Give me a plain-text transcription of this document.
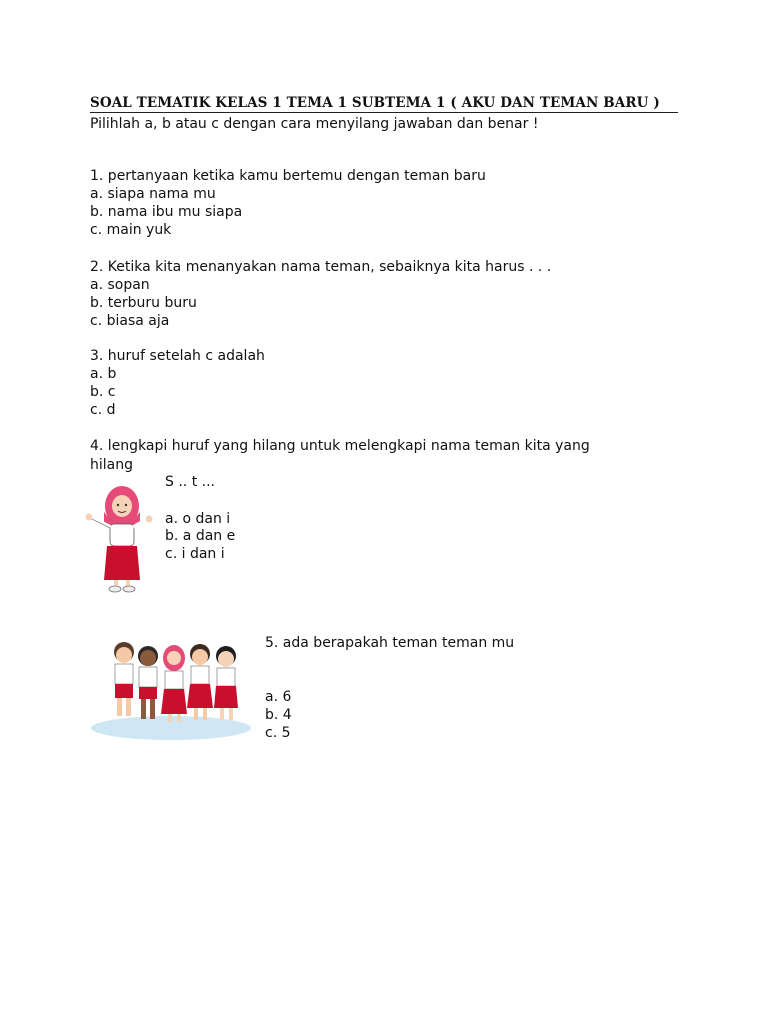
SOAL TEMATIK KELAS 1 TEMA 1 SUBTEMA 1 ( AKU DAN TEMAN BARU )
Pilihlah a, b atau c dengan cara menyilang jawaban dan benar !
1. pertanyaan ketika kamu bertemu dengan teman baru
a. siapa nama mu
b. nama ibu mu siapa
c. main yuk
2. Ketika kita menanyakan nama teman, sebaiknya kita harus . . .
a. sopan
b. terburu buru
c. biasa aja
3. huruf setelah c adalah
a. b
b. c
c. d
4. lengkapi huruf yang hilang untuk melengkapi nama teman kita yang
hilang
S .. t ...
a. o dan i
b. a dan e
c. i dan i
5. ada berapakah teman teman mu
a. 6
b. 4
c. 5
